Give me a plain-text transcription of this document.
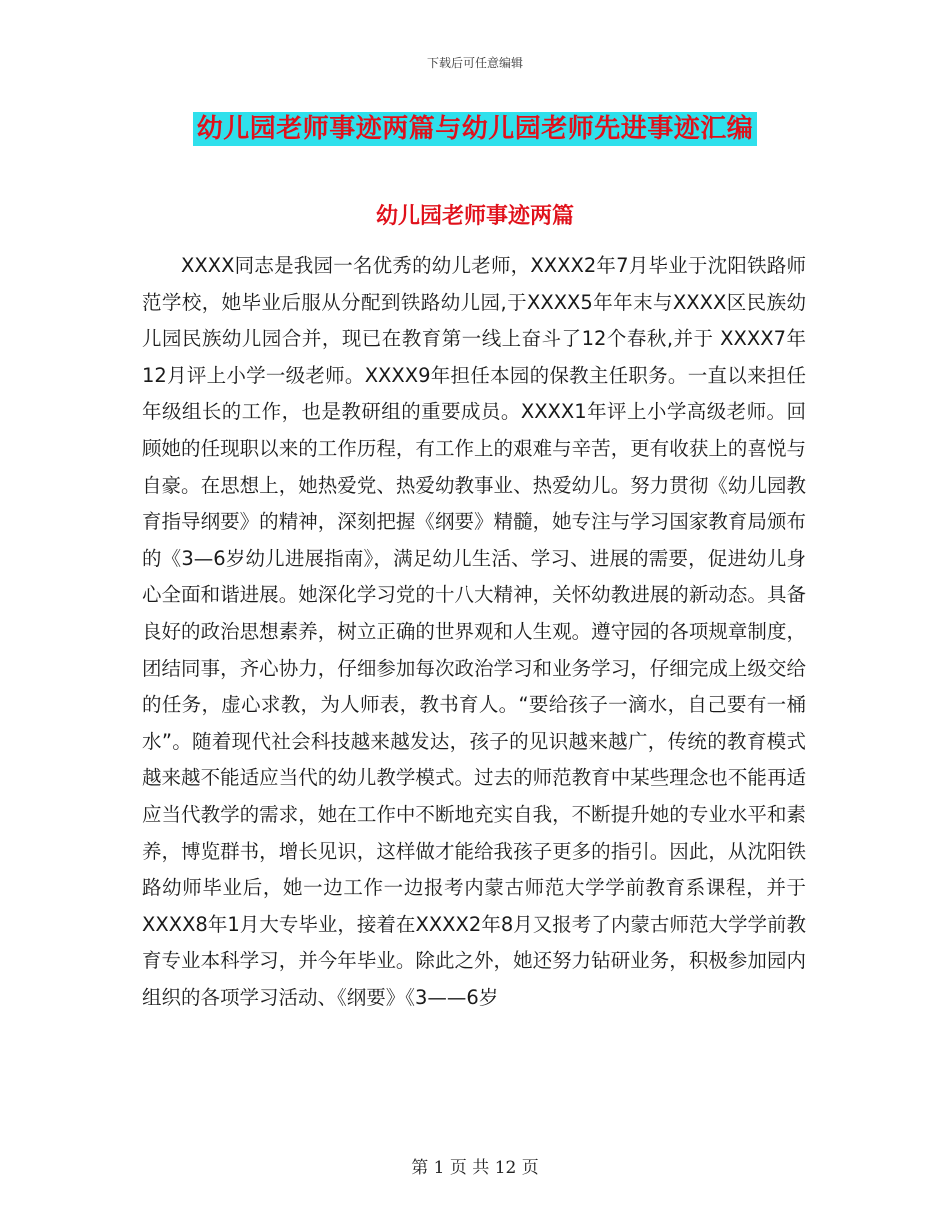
下载后可任意编辑
幼儿园老师事迹两篇与幼儿园老师先进事迹汇编
幼儿园老师事迹两篇

XXXX同志是我园一名优秀的幼儿老师，XXXX2年7月毕业于沈阳铁路师范学校，她毕业后服从分配到铁路幼儿园,于XXXX5年年末与XXXX区民族幼儿园民族幼儿园合并，现已在教育第一线上奋斗了12个春秋,并于 XXXX7年12月评上小学一级老师。XXXX9年担任本园的保教主任职务。一直以来担任年级组长的工作，也是教研组的重要成员。XXXX1年评上小学高级老师。回顾她的任现职以来的工作历程，有工作上的艰难与辛苦，更有收获上的喜悦与自豪。在思想上，她热爱党、热爱幼教事业、热爱幼儿。努力贯彻《幼儿园教育指导纲要》的精神，深刻把握《纲要》精髓，她专注与学习国家教育局颁布的《3—6岁幼儿进展指南》，满足幼儿生活、学习、进展的需要，促进幼儿身心全面和谐进展。她深化学习党的十八大精神，关怀幼教进展的新动态。具备良好的政治思想素养，树立正确的世界观和人生观。遵守园的各项规章制度，团结同事，齐心协力，仔细参加每次政治学习和业务学习，仔细完成上级交给的任务，虚心求教，为人师表，教书育人。“要给孩子一滴水，自己要有一桶水”。随着现代社会科技越来越发达，孩子的见识越来越广，传统的教育模式越来越不能适应当代的幼儿教学模式。过去的师范教育中某些理念也不能再适应当代教学的需求，她在工作中不断地充实自我，不断提升她的专业水平和素养，博览群书，增长见识，这样做才能给我孩子更多的指引。因此，从沈阳铁路幼师毕业后，她一边工作一边报考内蒙古师范大学学前教育系课程，并于XXXX8年1月大专毕业，接着在XXXX2年8月又报考了内蒙古师范大学学前教育专业本科学习，并今年毕业。除此之外，她还努力钻研业务，积极参加园内组织的各项学习活动、《纲要》《3——6岁

第 1 页 共 12 页
